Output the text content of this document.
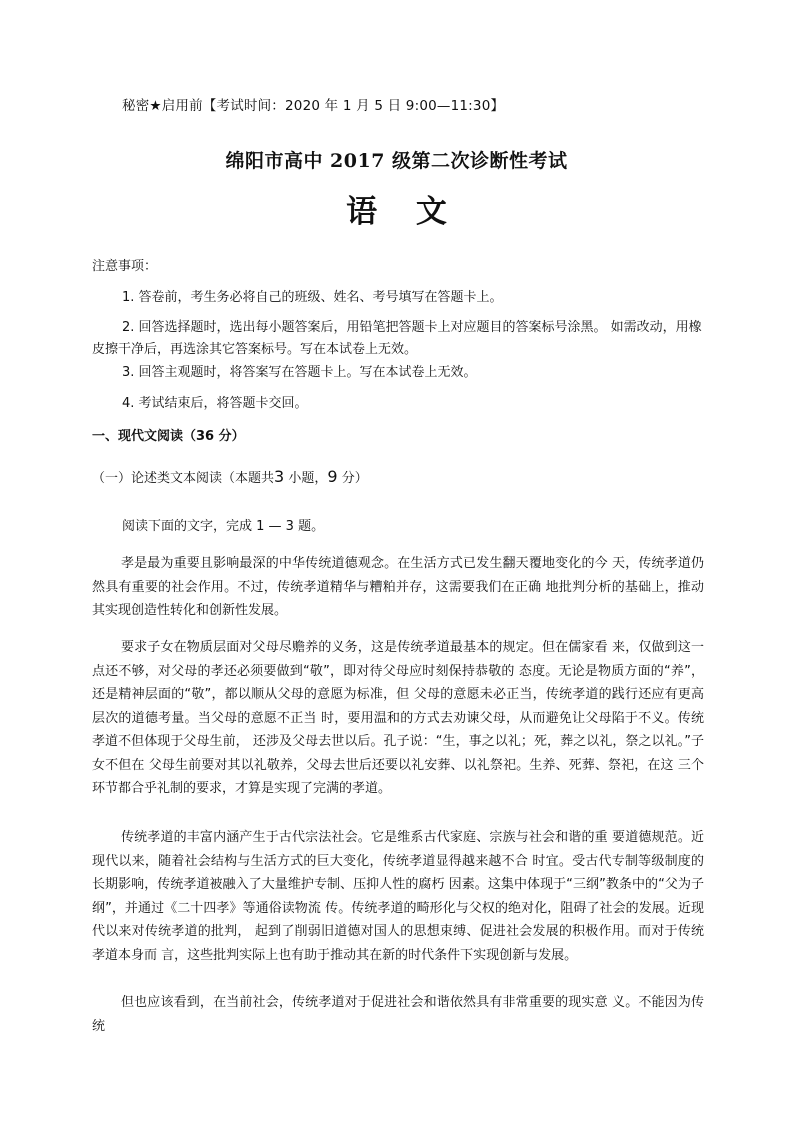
秘密★启用前【考试时间：2020 年 1 月 5 日 9:00—11:30】
绵阳市高中 2017 级第二次诊断性考试
语 文
注意事项：
1. 答卷前，考生务必将自己的班级、姓名、考号填写在答题卡上。
2. 回答选择题时，选出每小题答案后，用铅笔把答题卡上对应题目的答案标号涂黑。 如需改动，用橡皮擦干净后，再选涂其它答案标号。写在本试卷上无效。
3. 回答主观题时，将答案写在答题卡上。写在本试卷上无效。
4. 考试结束后，将答题卡交回。
一、现代文阅读（36 分）
（一）论述类文本阅读（本题共3 小题，9 分）
阅读下面的文字，完成 1 — 3 题。
孝是最为重要且影响最深的中华传统道德观念。在生活方式已发生翻天覆地变化的今 天，传统孝道仍然具有重要的社会作用。不过，传统孝道精华与糟粕并存，这需要我们在正确 地批判分析的基础上，推动其实现创造性转化和创新性发展。
要求子女在物质层面对父母尽赡养的义务，这是传统孝道最基本的规定。但在儒家看 来，仅做到这一点还不够，对父母的孝还必须要做到“敬”，即对待父母应时刻保持恭敬的 态度。无论是物质方面的“养”，还是精神层面的“敬”，都以顺从父母的意愿为标准，但 父母的意愿未必正当，传统孝道的践行还应有更高层次的道德考量。当父母的意愿不正当 时，要用温和的方式去劝谏父母，从而避免让父母陷于不义。传统孝道不但体现于父母生前， 还涉及父母去世以后。孔子说：“生，事之以礼；死，葬之以礼，祭之以礼。”子女不但在 父母生前要对其以礼敬养，父母去世后还要以礼安葬、以礼祭祀。生养、死葬、祭祀，在这 三个环节都合乎礼制的要求，才算是实现了完满的孝道。
传统孝道的丰富内涵产生于古代宗法社会。它是维系古代家庭、宗族与社会和谐的重 要道德规范。近现代以来，随着社会结构与生活方式的巨大变化，传统孝道显得越来越不合 时宜。受古代专制等级制度的长期影响，传统孝道被融入了大量维护专制、压抑人性的腐朽 因素。这集中体现于“三纲”教条中的“父为子纲”，并通过《二十四孝》等通俗读物流 传。传统孝道的畸形化与父权的绝对化，阻碍了社会的发展。近现代以来对传统孝道的批判， 起到了削弱旧道德对国人的思想束缚、促进社会发展的积极作用。而对于传统孝道本身而 言，这些批判实际上也有助于推动其在新的时代条件下实现创新与发展。
但也应该看到，在当前社会，传统孝道对于促进社会和谐依然具有非常重要的现实意 义。不能因为传统
